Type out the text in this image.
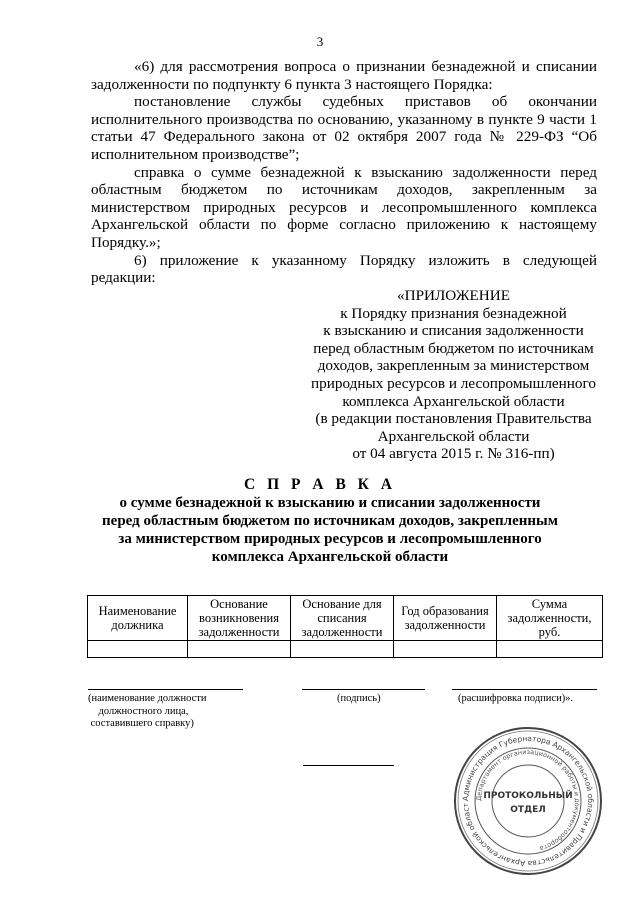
3

«6) для рассмотрения вопроса о признании безнадежной и списании задолженности по подпункту 6 пункта 3 настоящего Порядка:

постановление службы судебных приставов об окончании исполнительного производства по основанию, указанному в пункте 9 части 1 статьи 47 Федерального закона от 02 октября 2007 года № 229-ФЗ “Об исполнительном производстве”;

справка о сумме безнадежной к взысканию задолженности перед областным бюджетом по источникам доходов, закрепленным за министерством природных ресурсов и лесопромышленного комплекса Архангельской области по форме согласно приложению к настоящему Порядку.»;

6) приложение к указанному Порядку изложить в следующей редакции:

«ПРИЛОЖЕНИЕ
к Порядку признания безнадежной
к взысканию и списания задолженности
перед областным бюджетом по источникам
доходов, закрепленным за министерством
природных ресурсов и лесопромышленного
комплекса Архангельской области
(в редакции постановления Правительства
Архангельской области
от 04 августа 2015 г. № 316-пп)
С П Р А В К А
о сумме безнадежной к взысканию и списании задолженности
перед областным бюджетом по источникам доходов, закрепленным
за министерством природных ресурсов и лесопромышленного
комплекса Архангельской области
Наименование должника	Основание возникновения задолженности	Основание для списания задолженности	Год образования задолженности	Сумма задолженности, руб.

(наименование должности
должностного лица,
составившего справку)
(подпись)	(расшифровка подписи)».
Администрация Губернатора Архангельской области и Правительства Архангельской област
Департамент организационной работы и документооборота
ПРОТОКОЛЬНЫЙ
ОТДЕЛ
